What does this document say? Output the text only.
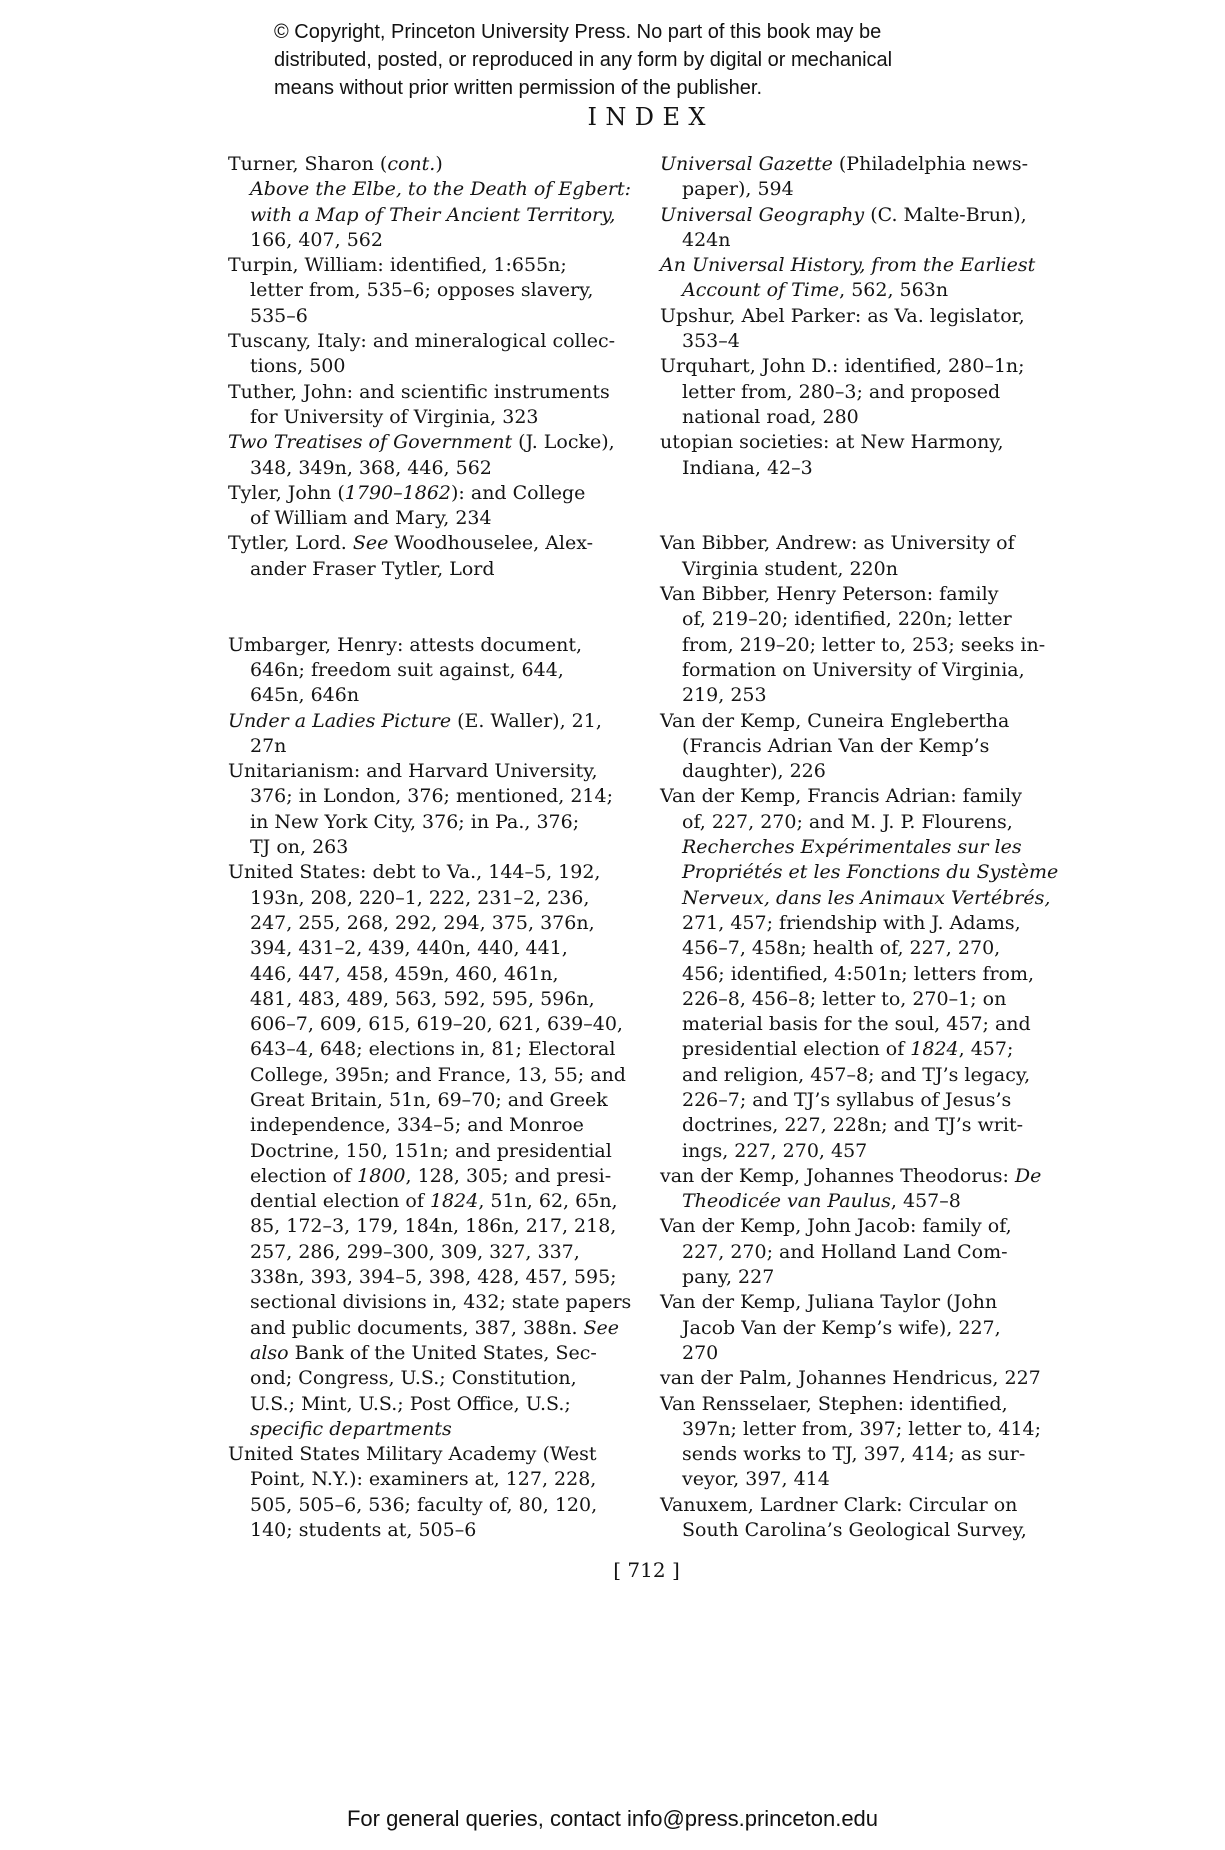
© Copyright, Princeton University Press. No part of this book may be
distributed, posted, or reproduced in any form by digital or mechanical
means without prior written permission of the publisher.
INDEX
Turner, Sharon (cont.)
Above the Elbe, to the Death of Egbert:
with a Map of Their Ancient Territory,
166, 407, 562
Turpin, William: identified, 1:655n;
letter from, 535–6; opposes slavery,
535–6
Tuscany, Italy: and mineralogical collec-
tions, 500
Tuther, John: and scientific instruments
for University of Virginia, 323
Two Treatises of Government (J. Locke),
348, 349n, 368, 446, 562
Tyler, John (1790–1862): and College
of William and Mary, 234
Tytler, Lord. See Woodhouselee, Alex-
ander Fraser Tytler, Lord
Umbarger, Henry: attests document,
646n; freedom suit against, 644,
645n, 646n
Under a Ladies Picture (E. Waller), 21,
27n
Unitarianism: and Harvard University,
376; in London, 376; mentioned, 214;
in New York City, 376; in Pa., 376;
TJ on, 263
United States: debt to Va., 144–5, 192,
193n, 208, 220–1, 222, 231–2, 236,
247, 255, 268, 292, 294, 375, 376n,
394, 431–2, 439, 440n, 440, 441,
446, 447, 458, 459n, 460, 461n,
481, 483, 489, 563, 592, 595, 596n,
606–7, 609, 615, 619–20, 621, 639–40,
643–4, 648; elections in, 81; Electoral
College, 395n; and France, 13, 55; and
Great Britain, 51n, 69–70; and Greek
independence, 334–5; and Monroe
Doctrine, 150, 151n; and presidential
election of 1800, 128, 305; and presi-
dential election of 1824, 51n, 62, 65n,
85, 172–3, 179, 184n, 186n, 217, 218,
257, 286, 299–300, 309, 327, 337,
338n, 393, 394–5, 398, 428, 457, 595;
sectional divisions in, 432; state papers
and public documents, 387, 388n. See
also Bank of the United States, Sec-
ond; Congress, U.S.; Constitution,
U.S.; Mint, U.S.; Post Office, U.S.;
specific departments
United States Military Academy (West
Point, N.Y.): examiners at, 127, 228,
505, 505–6, 536; faculty of, 80, 120,
140; students at, 505–6
Universal Gazette (Philadelphia news-
paper), 594
Universal Geography (C. Malte-Brun),
424n
An Universal History, from the Earliest
Account of Time, 562, 563n
Upshur, Abel Parker: as Va. legislator,
353–4
Urquhart, John D.: identified, 280–1n;
letter from, 280–3; and proposed
national road, 280
utopian societies: at New Harmony,
Indiana, 42–3
Van Bibber, Andrew: as University of
Virginia student, 220n
Van Bibber, Henry Peterson: family
of, 219–20; identified, 220n; letter
from, 219–20; letter to, 253; seeks in-
formation on University of Virginia,
219, 253
Van der Kemp, Cuneira Englebertha
(Francis Adrian Van der Kemp’s
daughter), 226
Van der Kemp, Francis Adrian: family
of, 227, 270; and M. J. P. Flourens,
Recherches Expérimentales sur les
Propriétés et les Fonctions du Système
Nerveux, dans les Animaux Vertébrés,
271, 457; friendship with J. Adams,
456–7, 458n; health of, 227, 270,
456; identified, 4:501n; letters from,
226–8, 456–8; letter to, 270–1; on
material basis for the soul, 457; and
presidential election of 1824, 457;
and religion, 457–8; and TJ’s legacy,
226–7; and TJ’s syllabus of Jesus’s
doctrines, 227, 228n; and TJ’s writ-
ings, 227, 270, 457
van der Kemp, Johannes Theodorus: De
Theodicée van Paulus, 457–8
Van der Kemp, John Jacob: family of,
227, 270; and Holland Land Com-
pany, 227
Van der Kemp, Juliana Taylor (John
Jacob Van der Kemp’s wife), 227,
270
van der Palm, Johannes Hendricus, 227
Van Rensselaer, Stephen: identified,
397n; letter from, 397; letter to, 414;
sends works to TJ, 397, 414; as sur-
veyor, 397, 414
Vanuxem, Lardner Clark: Circular on
South Carolina’s Geological Survey,
[ 712 ]
For general queries, contact info@press.princeton.edu
